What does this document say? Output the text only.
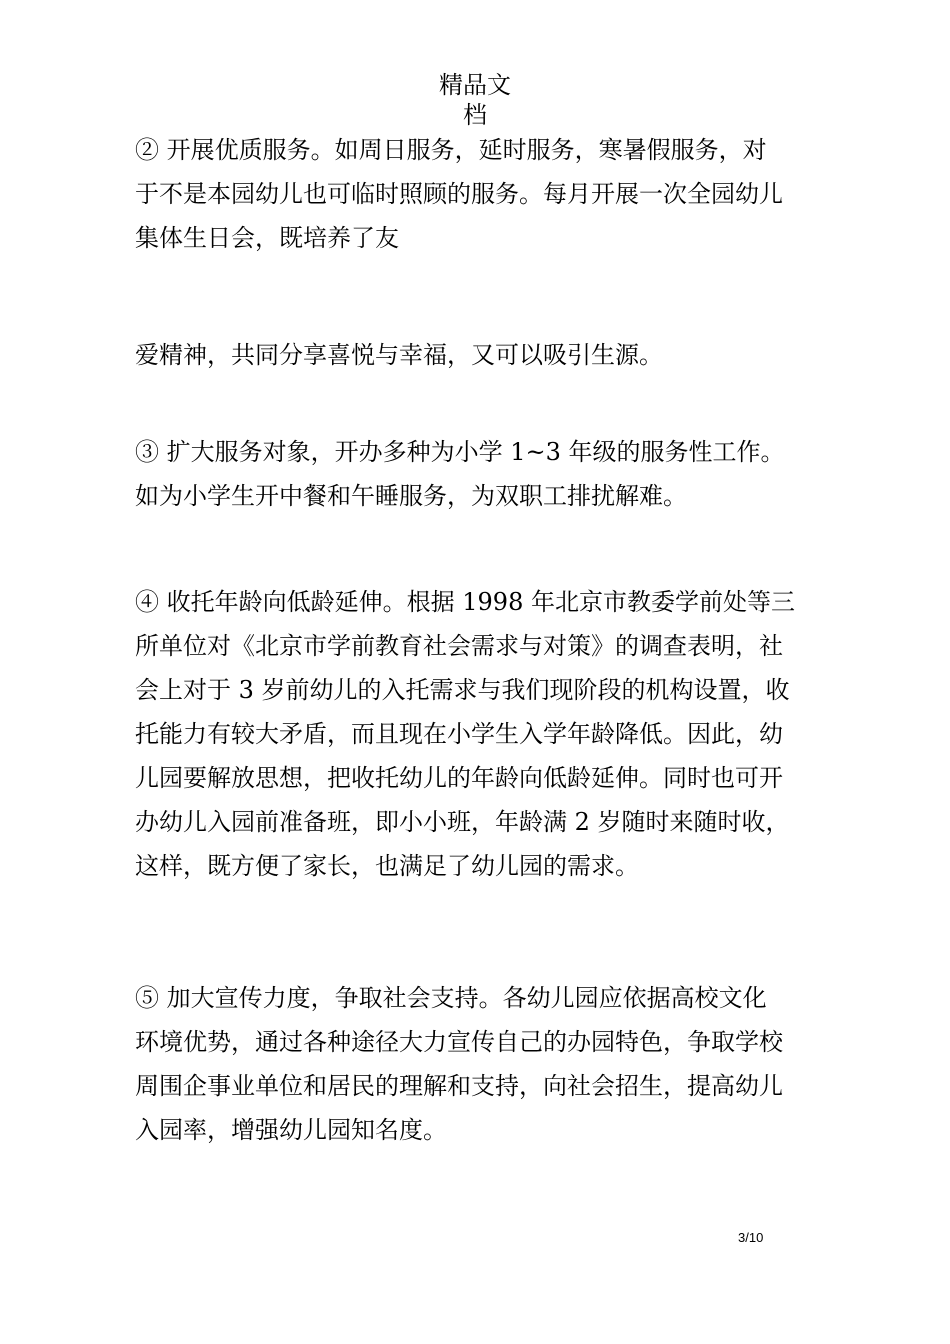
精品文
档

② 开展优质服务。如周日服务，延时服务，寒暑假服务，对
于不是本园幼儿也可临时照顾的服务。每月开展一次全园幼儿
集体生日会，既培养了友

爱精神，共同分享喜悦与幸福，又可以吸引生源。

③ 扩大服务对象，开办多种为小学 1~3 年级的服务性工作。
如为小学生开中餐和午睡服务，为双职工排扰解难。

④ 收托年龄向低龄延伸。根据 1998 年北京市教委学前处等三
所单位对《北京市学前教育社会需求与对策》的调查表明，社
会上对于 3 岁前幼儿的入托需求与我们现阶段的机构设置，收
托能力有较大矛盾，而且现在小学生入学年龄降低。因此，幼
儿园要解放思想，把收托幼儿的年龄向低龄延伸。同时也可开
办幼儿入园前准备班，即小小班，年龄满 2 岁随时来随时收，
这样，既方便了家长，也满足了幼儿园的需求。

⑤ 加大宣传力度，争取社会支持。各幼儿园应依据高校文化
环境优势，通过各种途径大力宣传自己的办园特色，争取学校
周围企事业单位和居民的理解和支持，向社会招生，提高幼儿
入园率，增强幼儿园知名度。

3/10
